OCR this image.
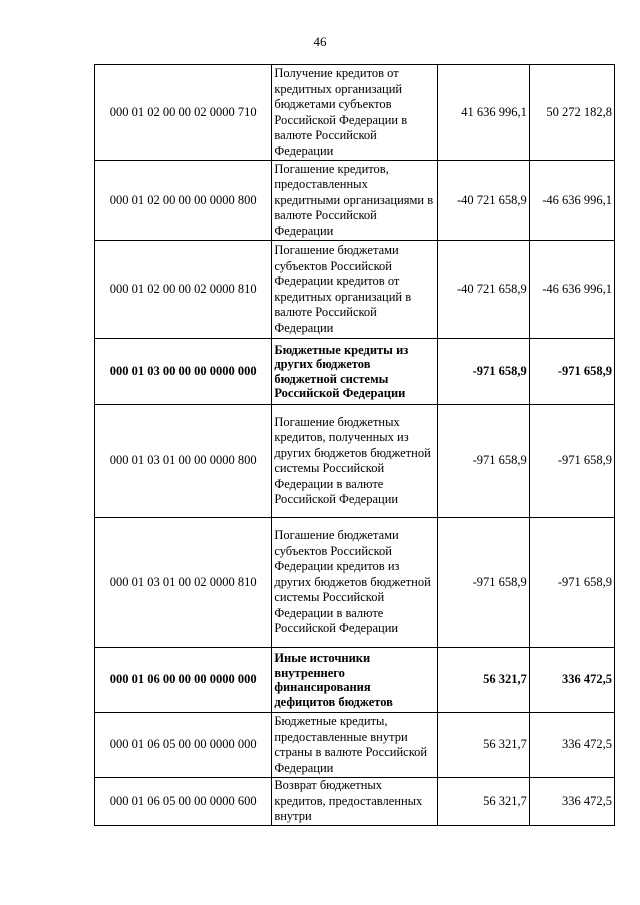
46
000 01 02 00 00 02 0000 710	Получение кредитов от кредитных организаций бюджетами субъектов Российской Федерации в валюте Российской Федерации	41 636 996,1	50 272 182,8
000 01 02 00 00 00 0000 800	Погашение кредитов, предоставленных кредитными организациями в валюте Российской Федерации	-40 721 658,9	-46 636 996,1
000 01 02 00 00 02 0000 810	Погашение бюджетами субъектов Российской Федерации кредитов от кредитных организаций в валюте Российской Федерации	-40 721 658,9	-46 636 996,1
000 01 03 00 00 00 0000 000	Бюджетные кредиты из других бюджетов бюджетной системы Российской Федерации	-971 658,9	-971 658,9
000 01 03 01 00 00 0000 800	Погашение бюджетных кредитов, полученных из других бюджетов бюджетной системы Российской Федерации в валюте Российской Федерации	-971 658,9	-971 658,9
000 01 03 01 00 02 0000 810	Погашение бюджетами субъектов Российской Федерации кредитов из других бюджетов бюджетной системы Российской Федерации в валюте Российской Федерации	-971 658,9	-971 658,9
000 01 06 00 00 00 0000 000	Иные источники внутреннего финансирования дефицитов бюджетов	56 321,7	336 472,5
000 01 06 05 00 00 0000 000	Бюджетные кредиты, предоставленные внутри страны в валюте Российской Федерации	56 321,7	336 472,5
000 01 06 05 00 00 0000 600	Возврат бюджетных кредитов, предоставленных внутри	56 321,7	336 472,5
